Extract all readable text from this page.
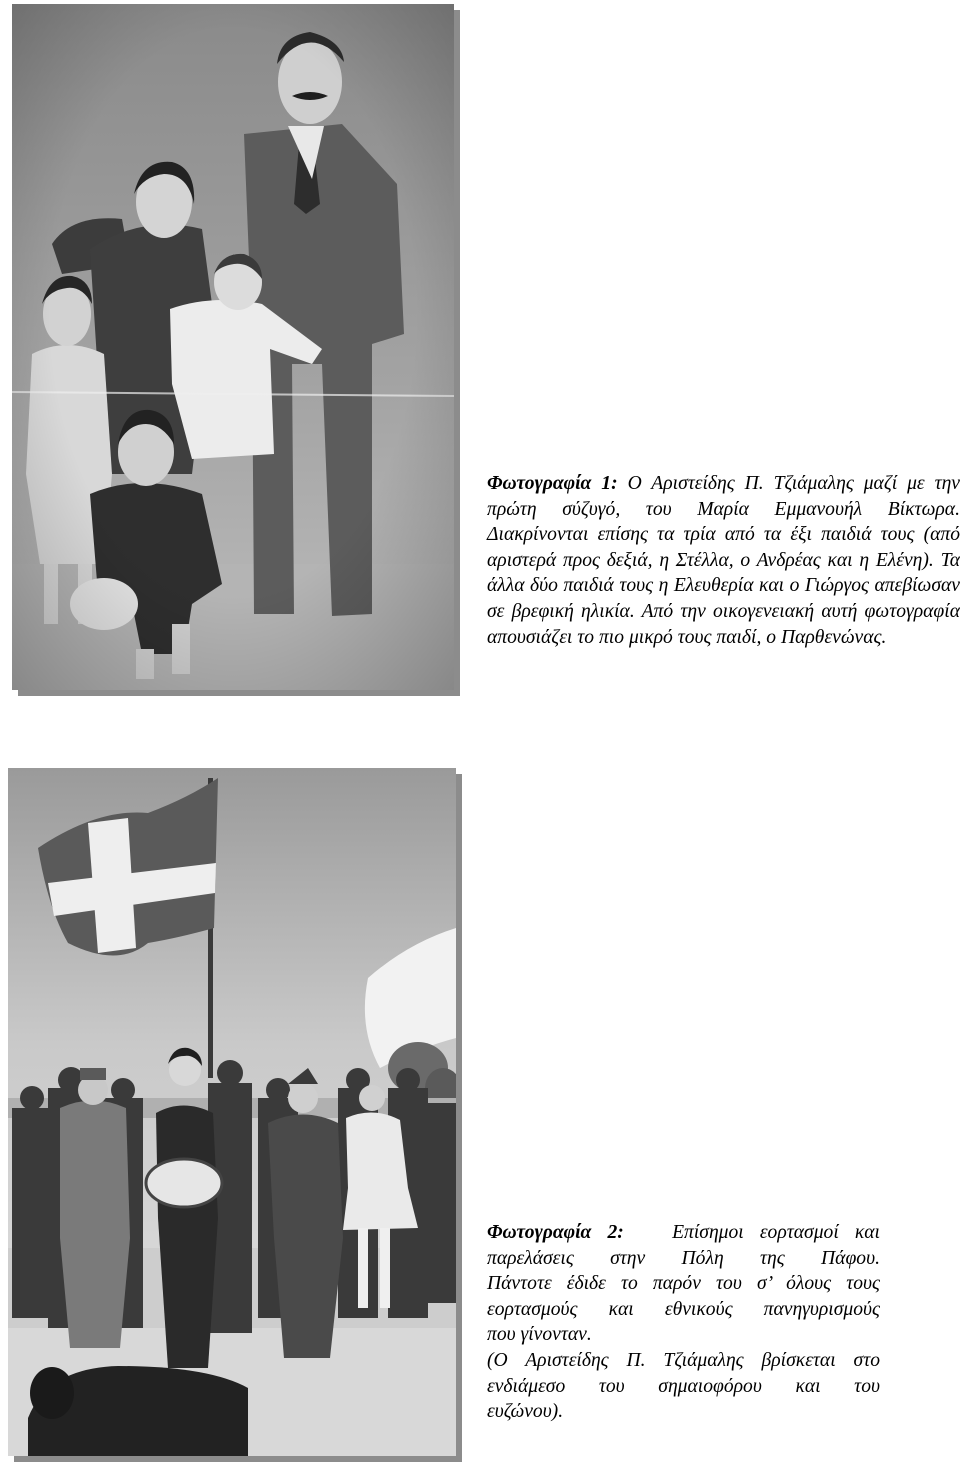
Φωτογραφία 1: Ο Αριστείδης Π. Τζιάμαλης μαζί με την πρώτη σύζυγό, του Μαρία Εμμανουήλ Βίκτωρα. Διακρίνονται επίσης τα τρία από τα έξι παιδιά τους (από αριστερά προς δεξιά, η Στέλλα, ο Ανδρέας και η Ελένη). Τα άλλα δύο παιδιά τους η Ελευθερία και ο Γιώργος απεβίωσαν σε βρεφική ηλικία. Από την οικογενειακή αυτή φωτογραφία απουσιάζει το πιο μικρό τους παιδί, ο Παρθενώνας.

Φωτογραφία 2: Επίσημοι εορτασμοί και
παρελάσεις στην Πόλη της Πάφου.
Πάντοτε έδιδε το παρόν του σ’ όλους τους
εορτασμούς και εθνικούς πανηγυρισμούς
που γίνονταν.
(Ο Αριστείδης Π. Τζιάμαλης βρίσκεται στο
ενδιάμεσο του σημαιοφόρου και του
ευζώνου).
